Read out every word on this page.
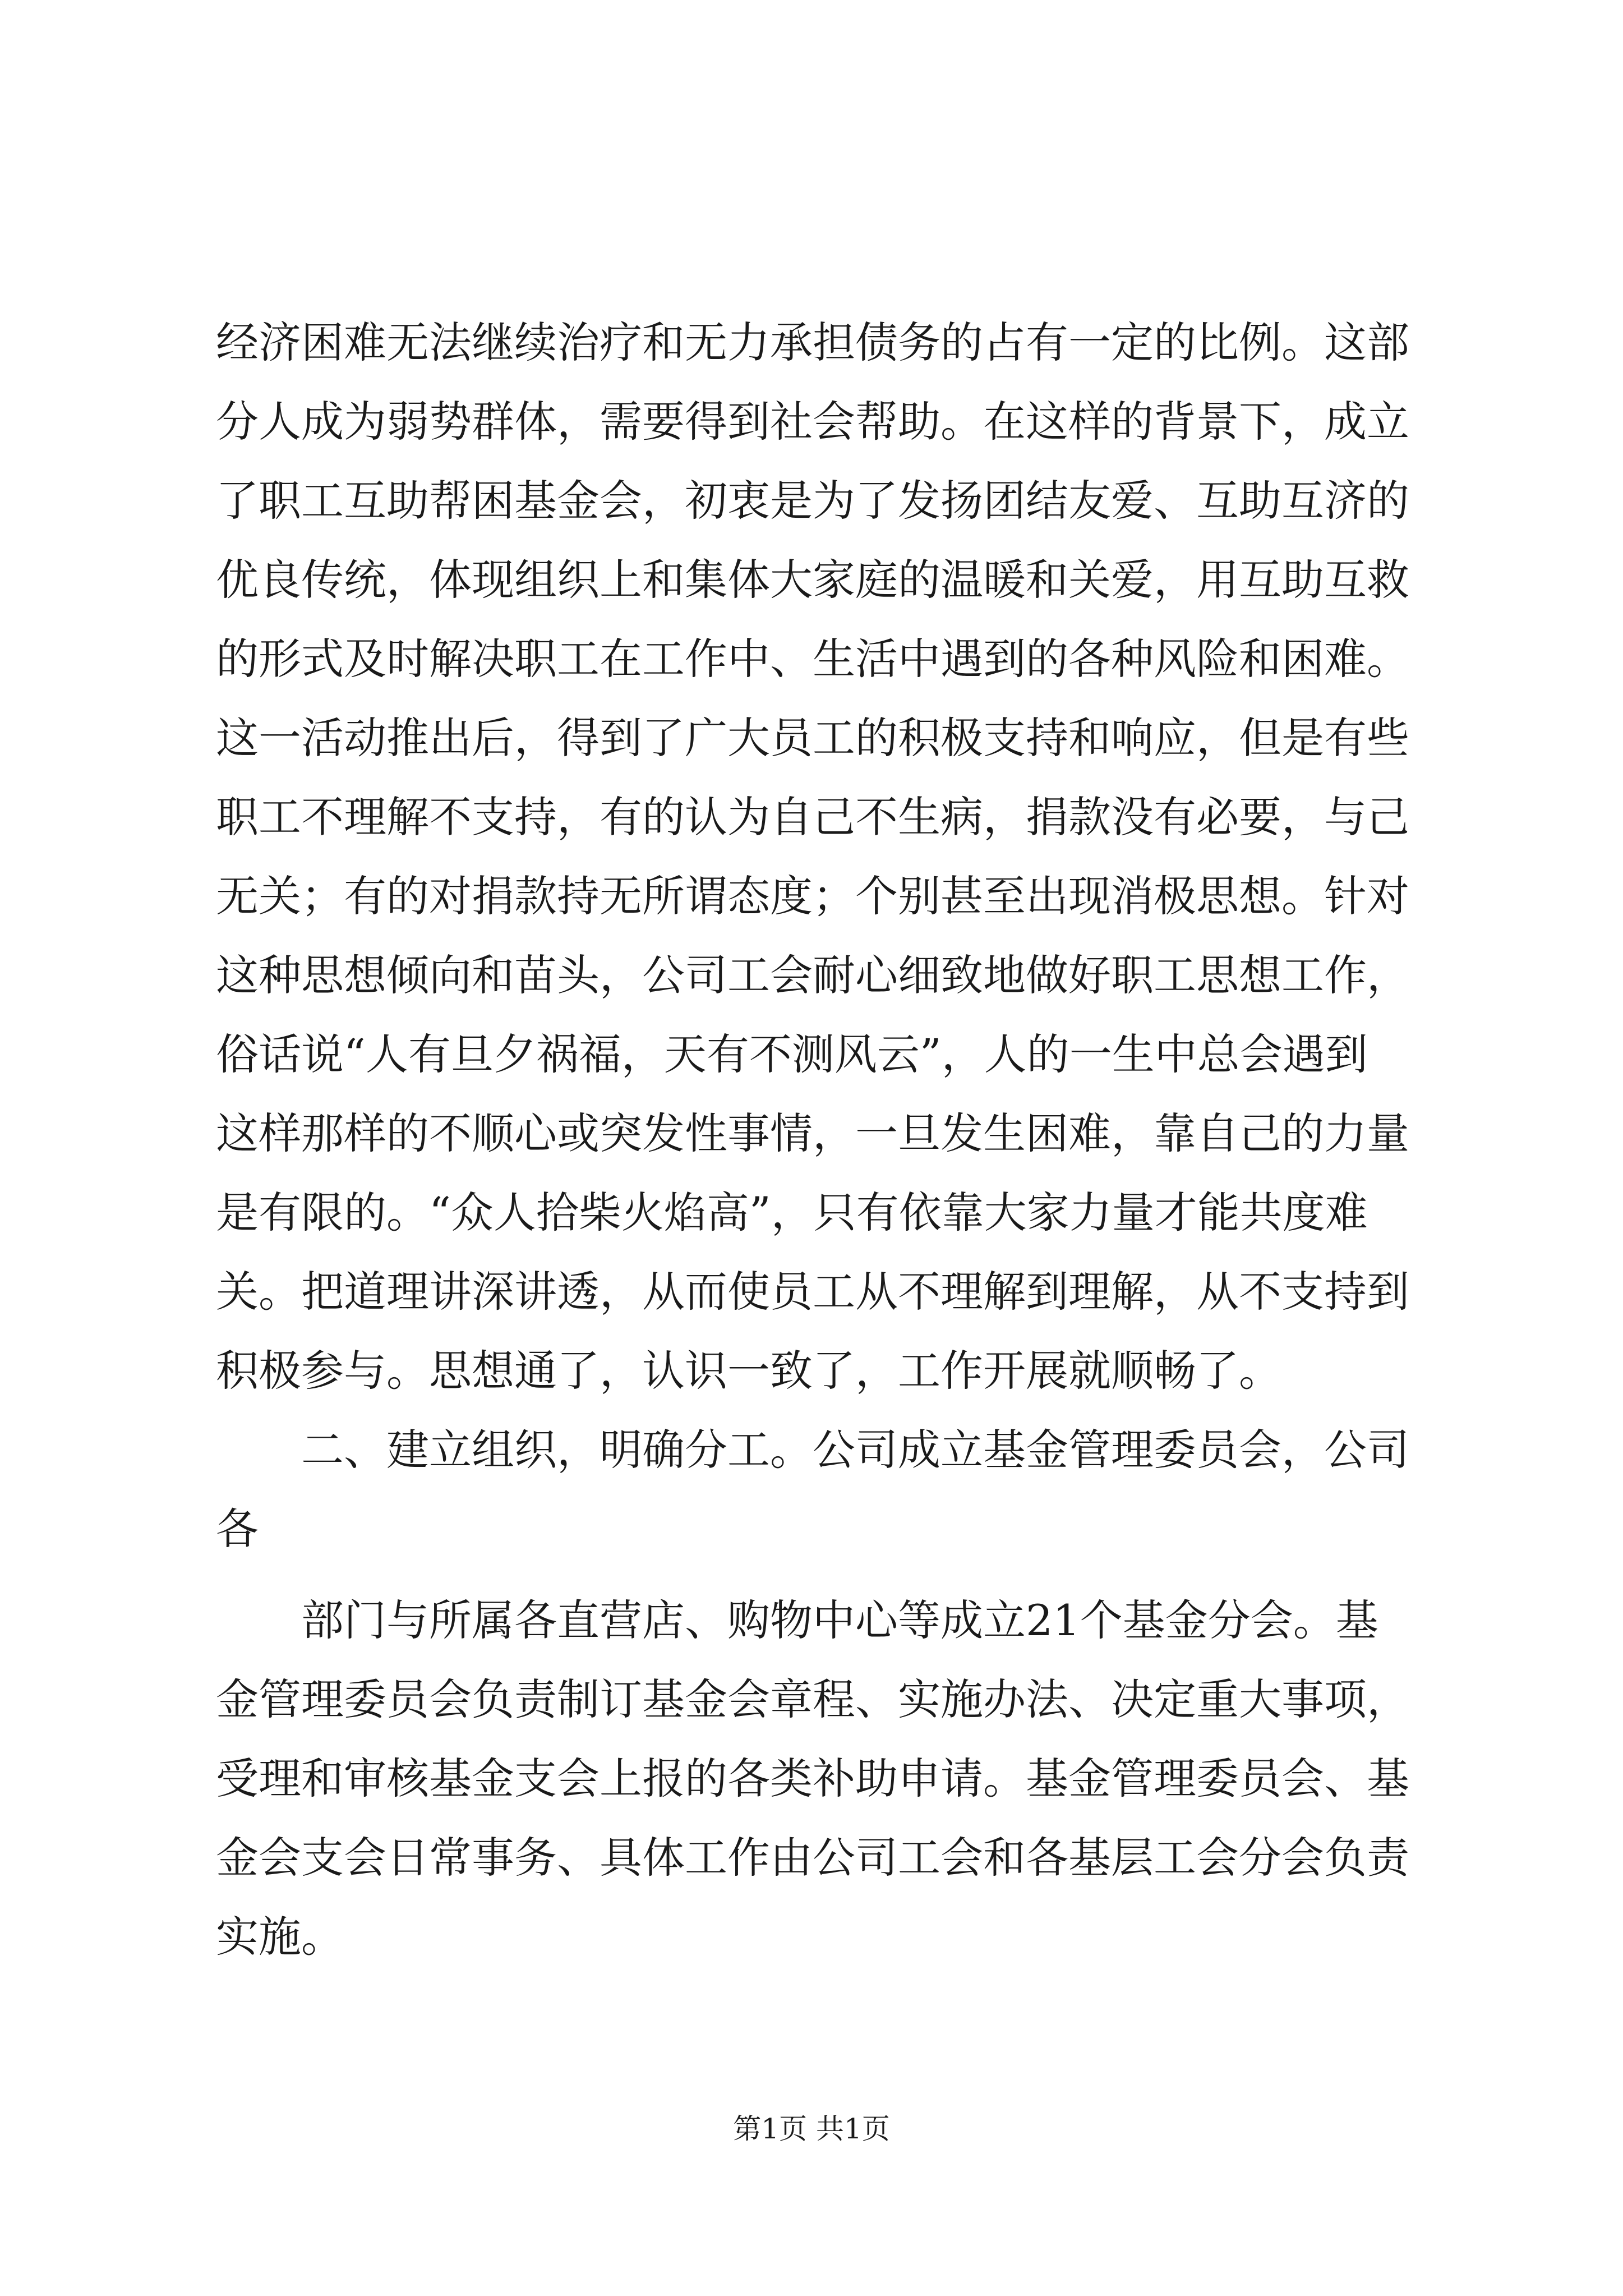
经济困难无法继续治疗和无力承担债务的占有一定的比例。这部
分人成为弱势群体，需要得到社会帮助。在这样的背景下，成立
了职工互助帮困基金会，初衷是为了发扬团结友爱、互助互济的
优良传统，体现组织上和集体大家庭的温暖和关爱，用互助互救
的形式及时解决职工在工作中、生活中遇到的各种风险和困难。
这一活动推出后，得到了广大员工的积极支持和响应，但是有些
职工不理解不支持，有的认为自己不生病，捐款没有必要，与己
无关；有的对捐款持无所谓态度；个别甚至出现消极思想。针对
这种思想倾向和苗头，公司工会耐心细致地做好职工思想工作，
俗话说“人有旦夕祸福，天有不测风云”，人的一生中总会遇到
这样那样的不顺心或突发性事情，一旦发生困难，靠自己的力量
是有限的。“众人拾柴火焰高”，只有依靠大家力量才能共度难
关。把道理讲深讲透，从而使员工从不理解到理解，从不支持到
积极参与。思想通了，认识一致了，工作开展就顺畅了。
二、建立组织，明确分工。公司成立基金管理委员会，公司
各
部门与所属各直营店、购物中心等成立21个基金分会。基
金管理委员会负责制订基金会章程、实施办法、决定重大事项，
受理和审核基金支会上报的各类补助申请。基金管理委员会、基
金会支会日常事务、具体工作由公司工会和各基层工会分会负责
实施。
第1页 共1页
